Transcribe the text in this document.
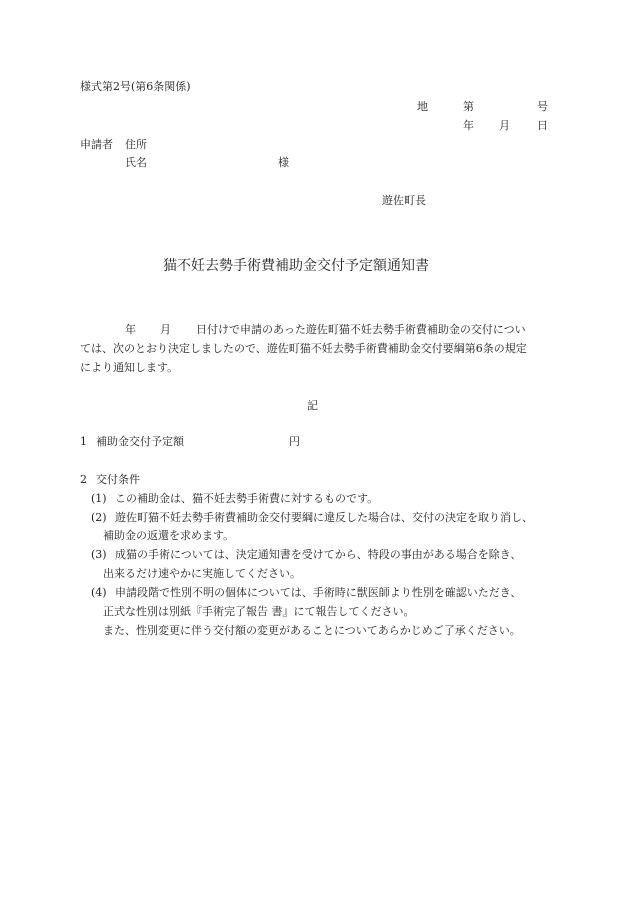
様式第2号(第6条関係)
地	第	号
年 月 日
申請者 住所
氏名	様
遊佐町長
猫不妊去勢手術費補助金交付予定額通知書
年 月 日付けで申請のあった遊佐町猫不妊去勢手術費補助金の交付につい
ては、次のとおり決定しましたので、遊佐町猫不妊去勢手術費補助金交付要綱第6条の規定
により通知します。
記
1 補助金交付予定額	円
2 交付条件
(1) この補助金は、猫不妊去勢手術費に対するものです。
(2) 遊佐町猫不妊去勢手術費補助金交付要綱に違反した場合は、交付の決定を取り消し、
補助金の返還を求めます。
(3) 成猫の手術については、決定通知書を受けてから、特段の事由がある場合を除き、
出来るだけ速やかに実施してください。
(4) 申請段階で性別不明の個体については、手術時に獣医師より性別を確認いただき、
正式な性別は別紙『手術完了報告 書』にて報告してください。
また、性別変更に伴う交付額の変更があることについてあらかじめご了承ください。
